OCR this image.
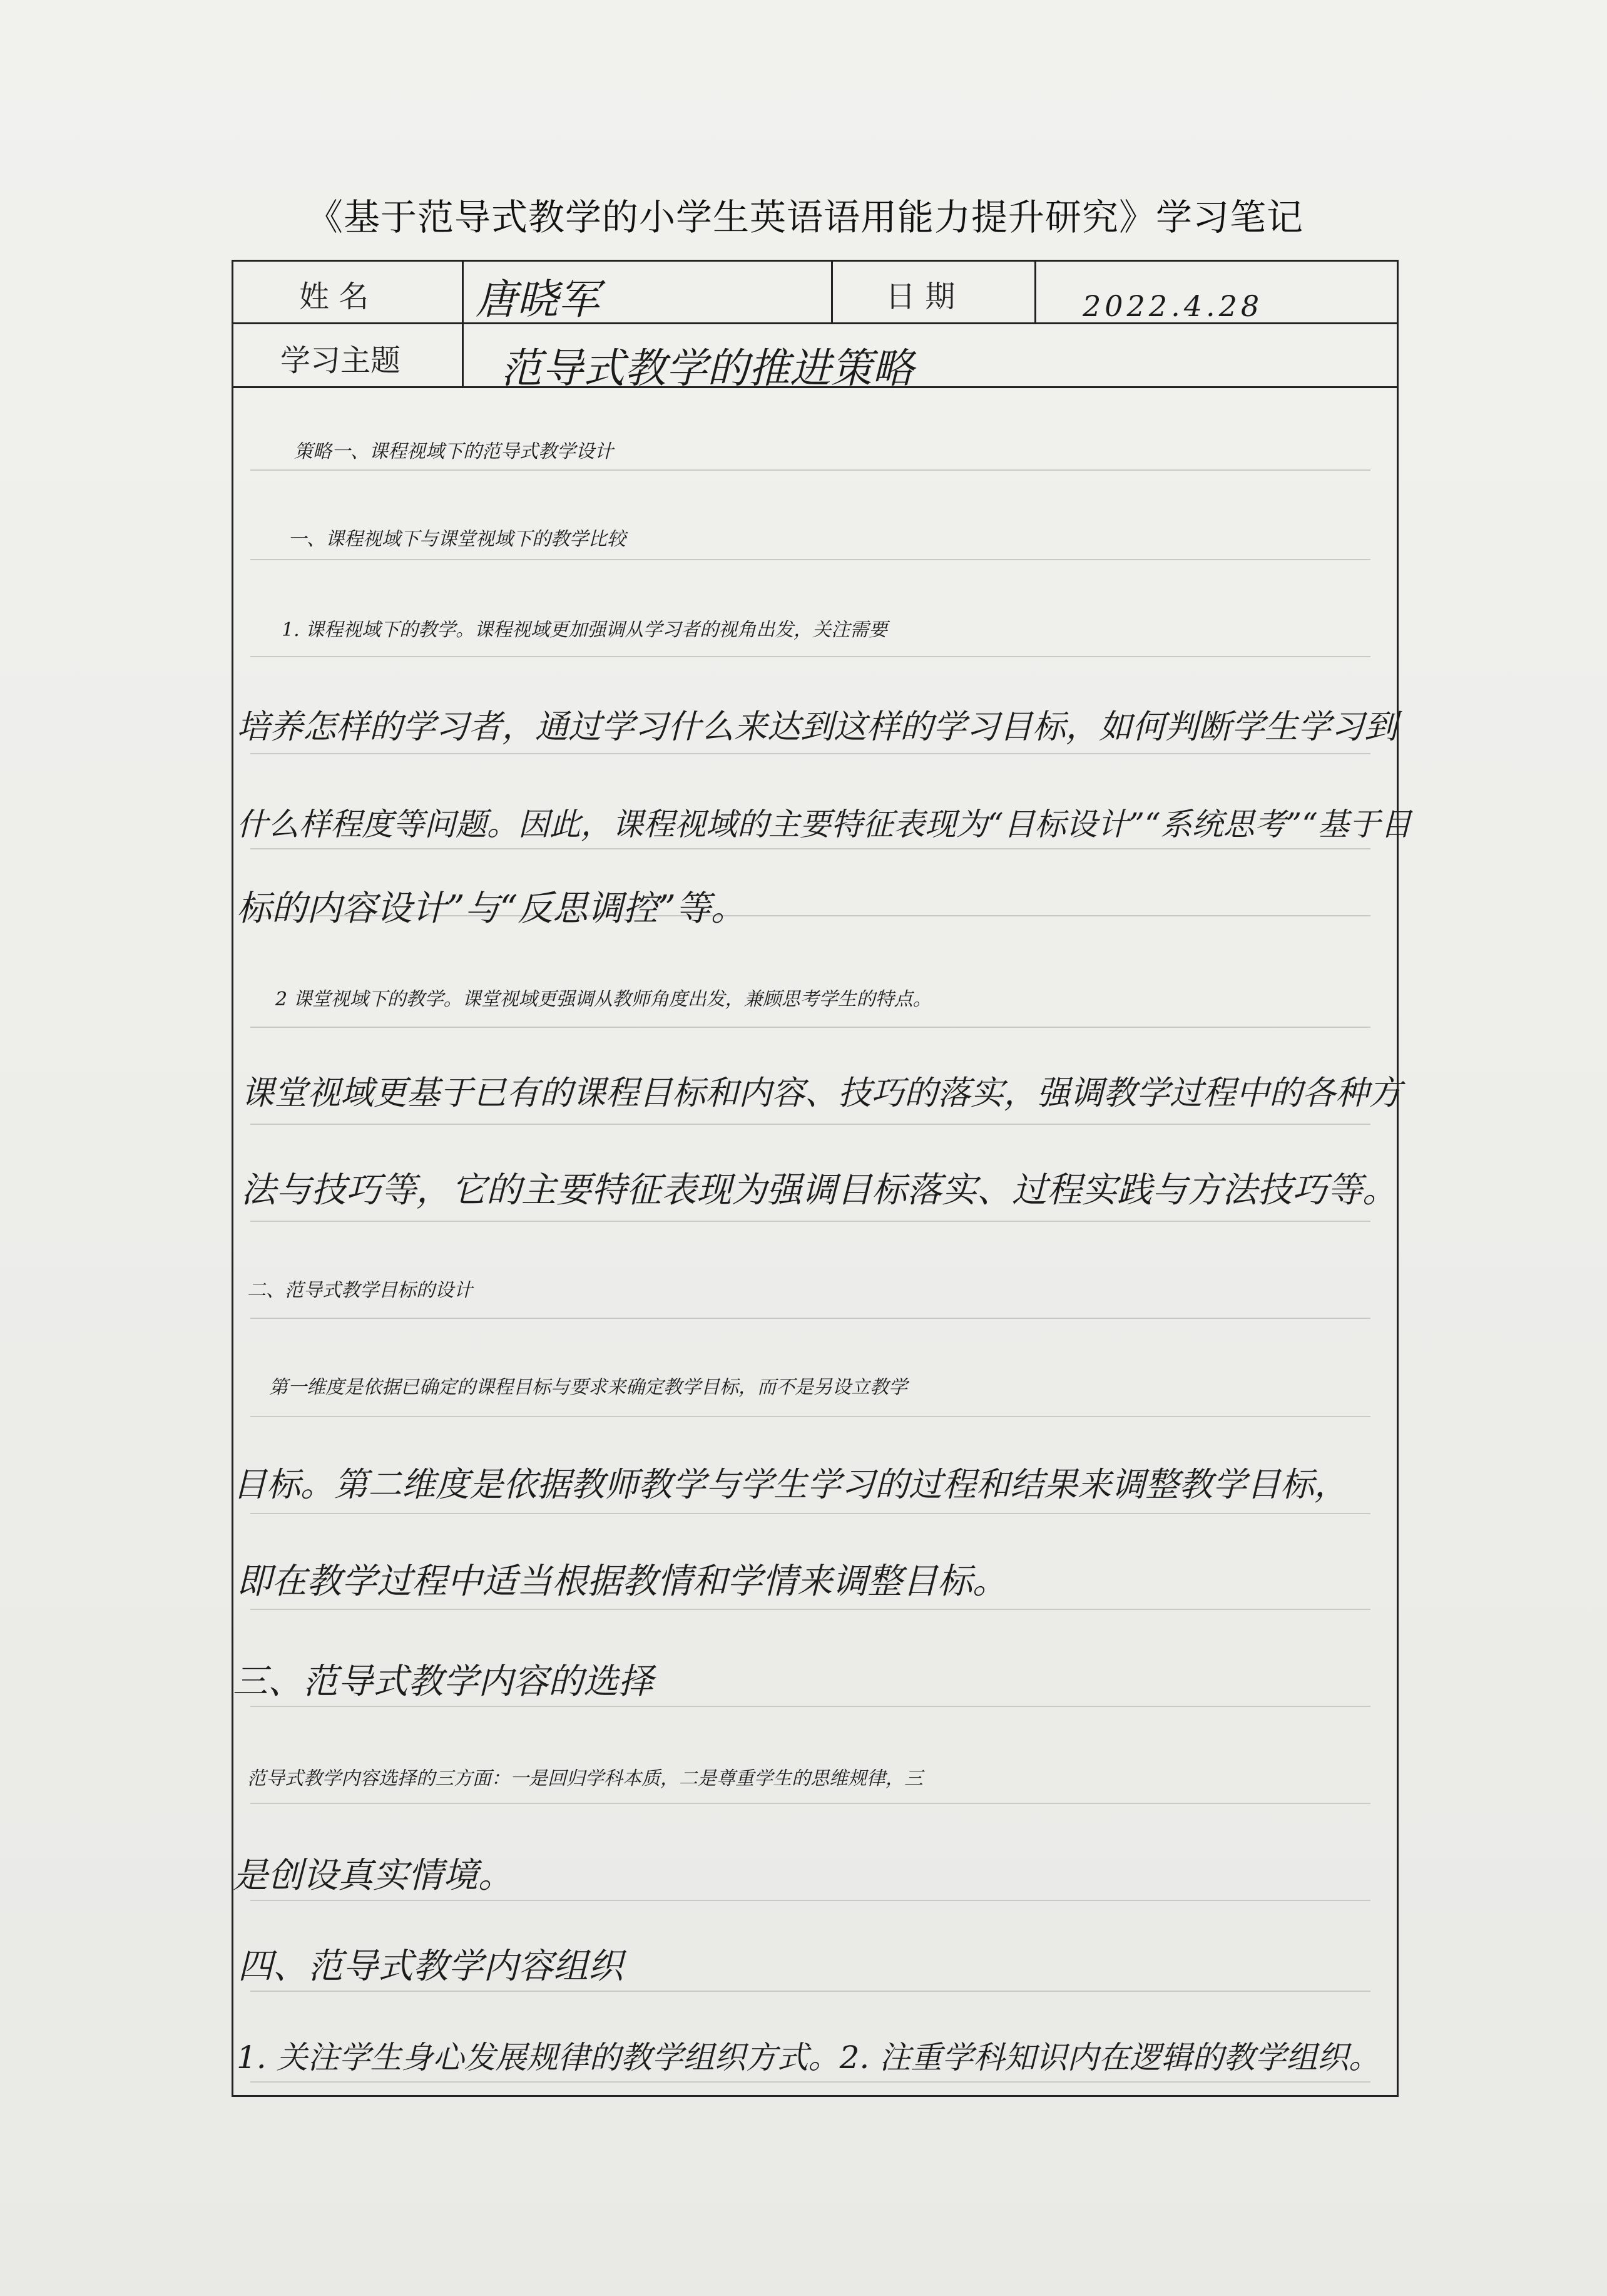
《基于范导式教学的小学生英语语用能力提升研究》学习笔记
姓 名	唐晓军	日 期	2022.4.28
学习主题 范导式教学的推进策略
策略一、课程视域下的范导式教学设计
一、课程视域下与课堂视域下的教学比较
1. 课程视域下的教学。课程视域更加强调从学习者的视角出发，关注需要
培养怎样的学习者，通过学习什么来达到这样的学习目标，如何判断学生学习到
什么样程度等问题。因此，课程视域的主要特征表现为“目标设计”“系统思考”“基于目
标的内容设计”与“反思调控”等。
2 课堂视域下的教学。课堂视域更强调从教师角度出发，兼顾思考学生的特点。
课堂视域更基于已有的课程目标和内容、技巧的落实，强调教学过程中的各种方
法与技巧等，它的主要特征表现为强调目标落实、过程实践与方法技巧等。
二、范导式教学目标的设计
第一维度是依据已确定的课程目标与要求来确定教学目标，而不是另设立教学
目标。第二维度是依据教师教学与学生学习的过程和结果来调整教学目标，
即在教学过程中适当根据教情和学情来调整目标。
三、范导式教学内容的选择
范导式教学内容选择的三方面：一是回归学科本质，二是尊重学生的思维规律，三
是创设真实情境。
四、范导式教学内容组织
1. 关注学生身心发展规律的教学组织方式。2. 注重学科知识内在逻辑的教学组织。
